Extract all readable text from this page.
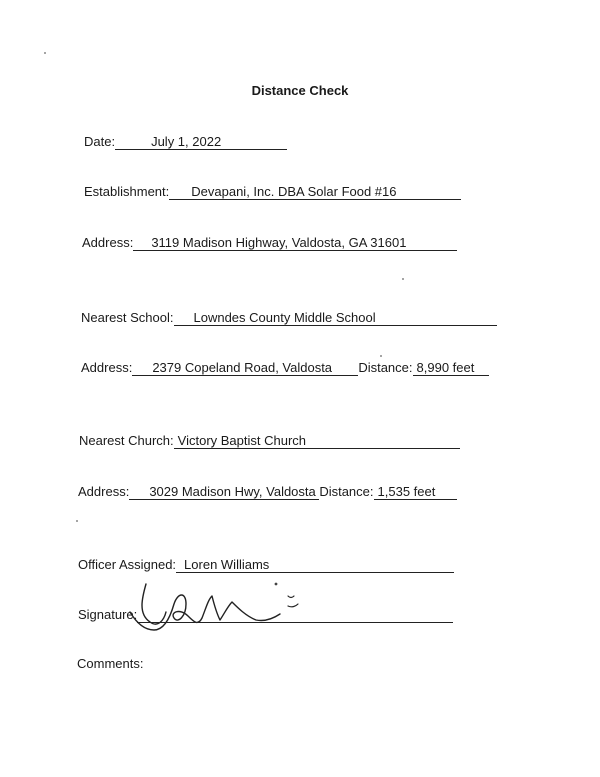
Distance Check
Date:	July 1, 2022
Establishment: Devapani, Inc. DBA Solar Food #16
Address: 3119 Madison Highway, Valdosta, GA 31601
Nearest School: Lowndes County Middle School
Address: 2379 Copeland Road, Valdosta Distance: 8,990 feet
Nearest Church: Victory Baptist Church
Address: 3029 Madison Hwy, Valdosta Distance: 1,535 feet
Officer Assigned: Loren Williams
Signature:
Comments:
